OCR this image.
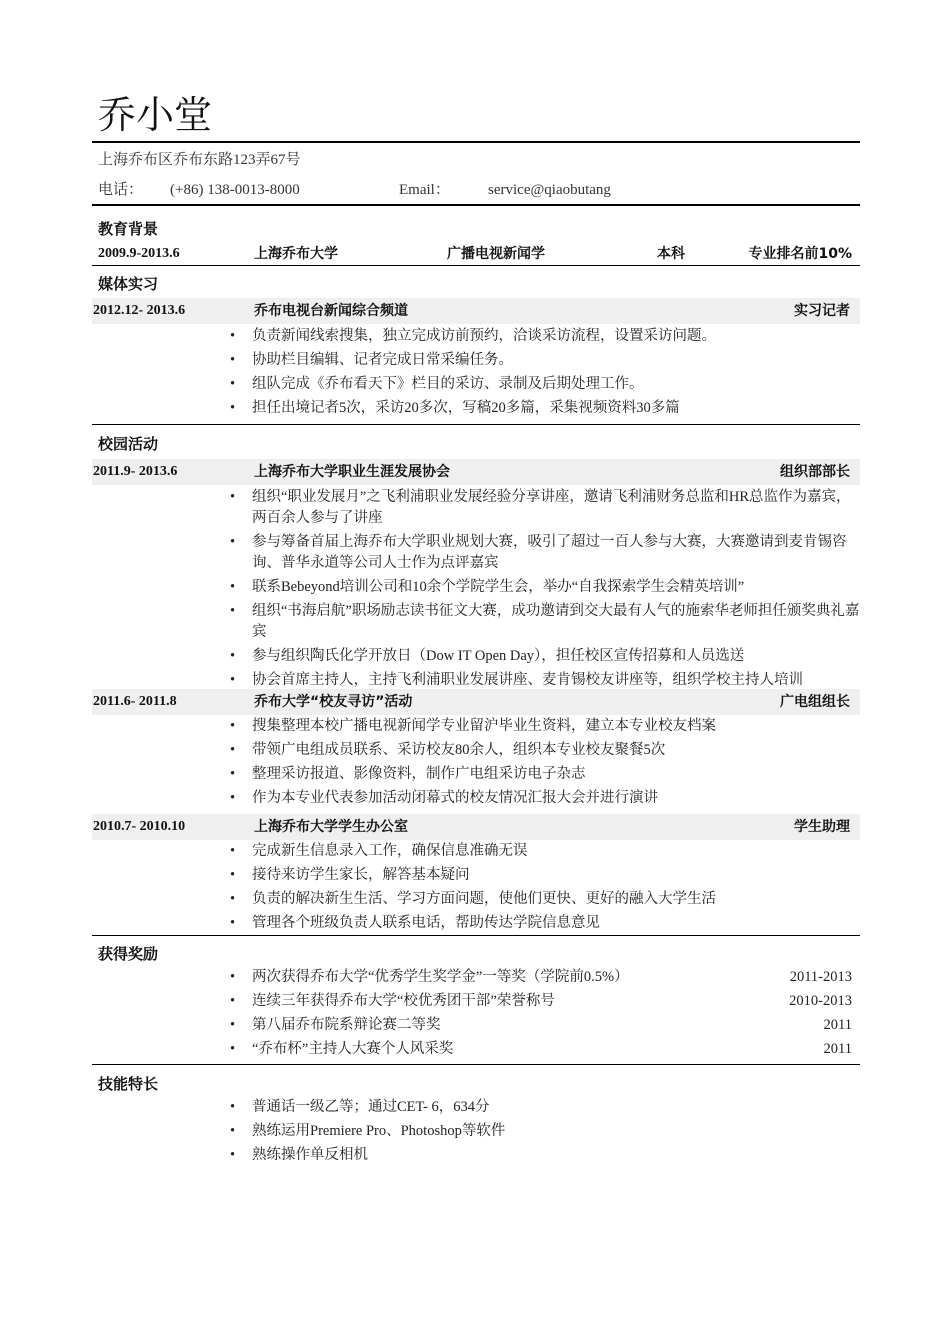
乔小堂
上海乔布区乔布东路123弄67号
电话： (+86) 138-0013-8000	Email：	service@qiaobutang
教育背景
2009.9-2013.6	上海乔布大学	广播电视新闻学	本科	专业排名前10%
媒体实习
2012.12- 2013.6	乔布电视台新闻综合频道	实习记者
• 负责新闻线索搜集，独立完成访前预约，洽谈采访流程，设置采访问题。
• 协助栏目编辑、记者完成日常采编任务。
• 组队完成《乔布看天下》栏目的采访、录制及后期处理工作。
• 担任出境记者5次，采访20多次，写稿20多篇，采集视频资料30多篇
校园活动
2011.9- 2013.6	上海乔布大学职业生涯发展协会	组织部部长
• 组织“职业发展月”之飞利浦职业发展经验分享讲座，邀请飞利浦财务总监和HR总监作为嘉宾，两百余人参与了讲座
• 参与筹备首届上海乔布大学职业规划大赛，吸引了超过一百人参与大赛，大赛邀请到麦肯锡咨询、普华永道等公司人士作为点评嘉宾
• 联系Bebeyond培训公司和10余个学院学生会，举办“自我探索学生会精英培训”
• 组织“书海启航”职场励志读书征文大赛，成功邀请到交大最有人气的施索华老师担任颁奖典礼嘉宾
• 参与组织陶氏化学开放日（Dow IT Open Day），担任校区宣传招募和人员选送
• 协会首席主持人，主持飞利浦职业发展讲座、麦肯锡校友讲座等，组织学校主持人培训
2011.6- 2011.8	乔布大学“校友寻访”活动	广电组组长
• 搜集整理本校广播电视新闻学专业留沪毕业生资料，建立本专业校友档案
• 带领广电组成员联系、采访校友80余人，组织本专业校友聚餐5次
• 整理采访报道、影像资料，制作广电组采访电子杂志
• 作为本专业代表参加活动闭幕式的校友情况汇报大会并进行演讲
2010.7- 2010.10	上海乔布大学学生办公室	学生助理
• 完成新生信息录入工作，确保信息准确无误
• 接待来访学生家长，解答基本疑问
• 负责的解决新生生活、学习方面问题，使他们更快、更好的融入大学生活
• 管理各个班级负责人联系电话，帮助传达学院信息意见
获得奖励
• 两次获得乔布大学“优秀学生奖学金”一等奖（学院前0.5%）	2011-2013
• 连续三年获得乔布大学“校优秀团干部”荣誉称号	2010-2013
• 第八届乔布院系辩论赛二等奖	2011
• “乔布杯”主持人大赛个人风采奖	2011
技能特长
• 普通话一级乙等；通过CET- 6，634分
• 熟练运用Premiere Pro、Photoshop等软件
• 熟练操作单反相机
